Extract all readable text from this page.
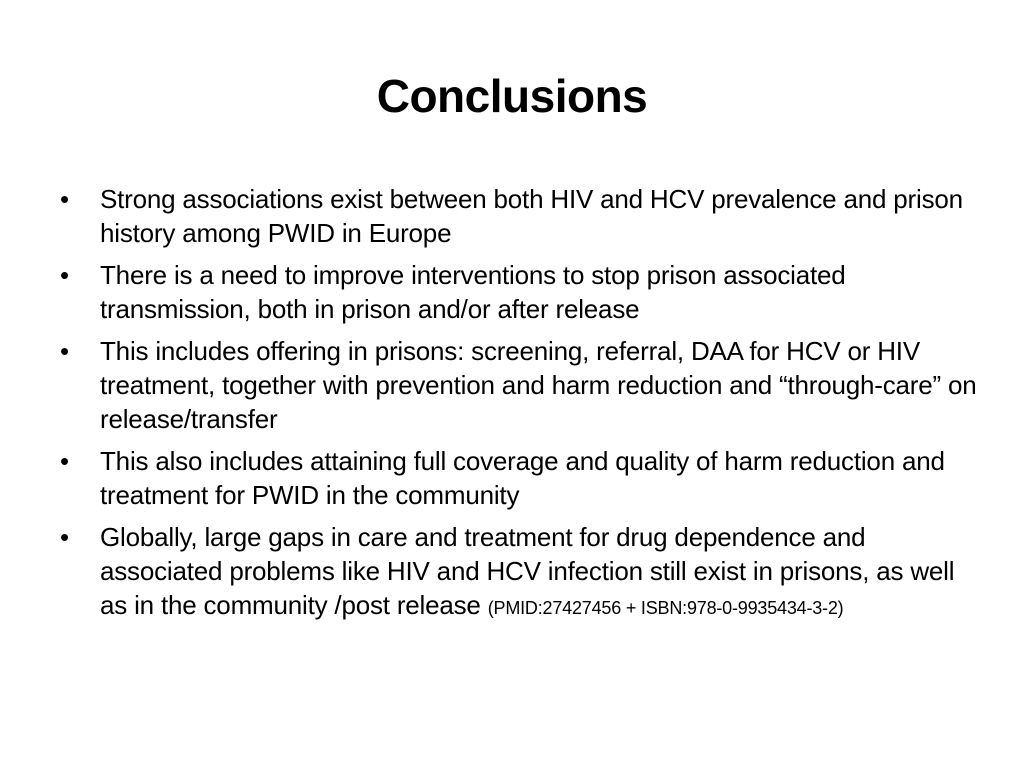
Conclusions
•	Strong associations exist between both HIV and HCV prevalence and prison history among PWID in Europe
•	There is a need to improve interventions to stop prison associated transmission, both in prison and/or after release
•	This includes offering in prisons: screening, referral, DAA for HCV or HIV treatment, together with prevention and harm reduction and “through-care” on release/transfer
•	This also includes attaining full coverage and quality of harm reduction and treatment for PWID in the community
•	Globally, large gaps in care and treatment for drug dependence and associated problems like HIV and HCV infection still exist in prisons, as well as in the community /post release (PMID:27427456 + ISBN:978-0-9935434-3-2)
